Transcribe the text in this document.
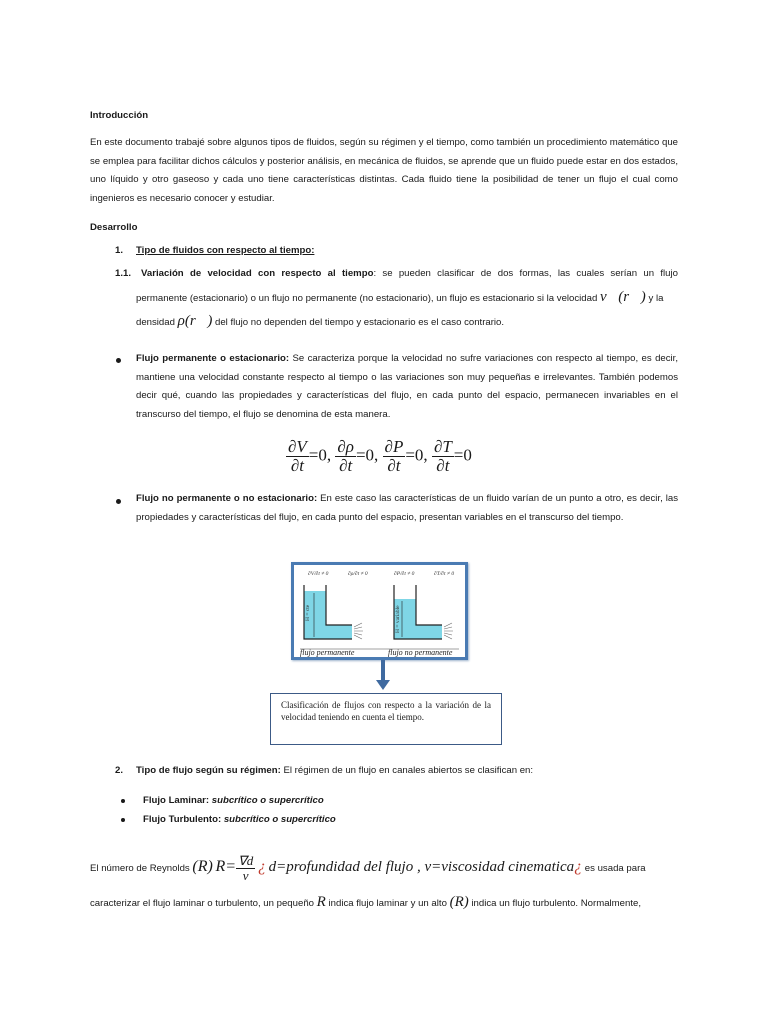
Introducción
En este documento trabajé sobre algunos tipos de fluidos, según su régimen y el tiempo, como también un procedimiento matemático que se emplea para facilitar dichos cálculos y posterior análisis, en mecánica de fluidos, se aprende que un fluido puede estar en dos estados, uno líquido y otro gaseoso y cada uno tiene características distintas. Cada fluido tiene la posibilidad de tener un flujo el cual como ingenieros es necesario conocer y estudiar.
Desarrollo
1. Tipo de fluidos con respecto al tiempo:
1.1. Variación de velocidad con respecto al tiempo: se pueden clasificar de dos formas, las cuales serían un flujo
permanente (estacionario) o un flujo no permanente (no estacionario), un flujo es estacionario si la velocidad v⃗(r⃗) y la
densidad ρ(r⃗) del flujo no dependen del tiempo y estacionario es el caso contrario.
Flujo permanente o estacionario: Se caracteriza porque la velocidad no sufre variaciones con respecto al tiempo, es decir, mantiene una velocidad constante respecto al tiempo o las variaciones son muy pequeñas e irrelevantes. También podemos decir qué, cuando las propiedades y características del flujo, en cada punto del espacio, permanecen invariables en el transcurso del tiempo, el flujo se denomina de esta manera.
$\frac{\partial V}{\partial t} =0$, $\frac{\partial\rho}{\partial t} =0$, $\frac{\partial P}{\partial t} =0$, $\frac{\partial T}{\partial t} =0$
Flujo no permanente o no estacionario: En este caso las características de un fluido varían de un punto a otro, es decir, las propiedades y características del flujo, en cada punto del espacio, presentan variables en el transcurso del tiempo.
∂V/∂t ≠ 0	∂ρ/∂t ≠ 0	∂P/∂t ≠ 0	∂T/∂t ≠ 0
H = cte	H = variable
flujo permanente	flujo no permanente
Clasificación de flujos con respecto a la variación de la velocidad teniendo en cuenta el tiempo.
2. Tipo de flujo según su régimen: El régimen de un flujo en canales abiertos se clasifican en:
Flujo Laminar: subcrítico o supercrítico
Flujo Turbulento: subcrítico o supercrítico
El número de Reynolds (R) $R= \frac{\nabla d}{v}$ ¿ d=profundidad del flujo , v=viscosidad cinematica¿ es usada para
caracterizar el flujo laminar o turbulento, un pequeño R indica flujo laminar y un alto (R) indica un flujo turbulento. Normalmente,
